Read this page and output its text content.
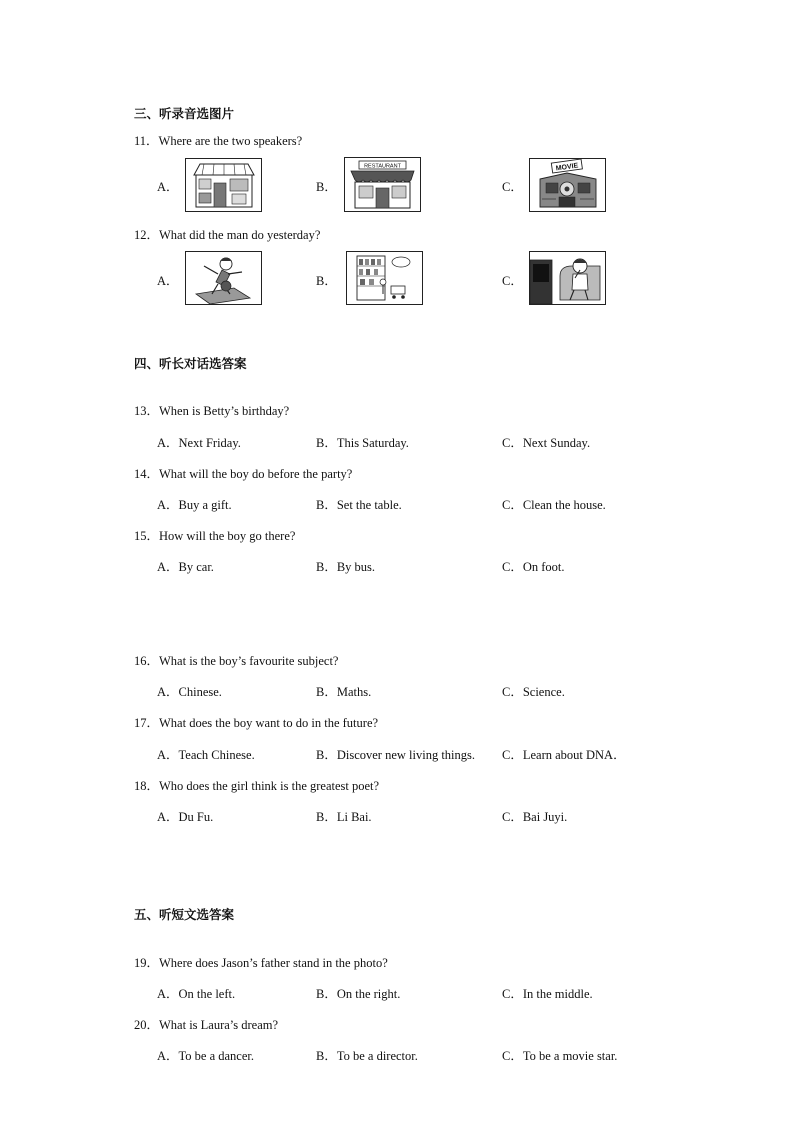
三、听录音选图片
11．Where are the two speakers?
A．	B．
RESTAURANT
C．
MOVIE
12．What did the man do yesterday?
A．	B．	C．
四、听长对话选答案
13．When is Betty’s birthday?
A．Next Friday.	B．This Saturday.	C．Next Sunday.
14．What will the boy do before the party?
A．Buy a gift.	B．Set the table.	C．Clean the house.
15．How will the boy go there?
A．By car.	B．By bus.	C．On foot.
16．What is the boy’s favourite subject?
A．Chinese.	B．Maths.	C．Science.
17．What does the boy want to do in the future?
A．Teach Chinese.	B．Discover new living things. C．Learn about DNA．
18．Who does the girl think is the greatest poet?
A．Du Fu.	B．Li Bai.	C．Bai Juyi.
五、听短文选答案
19．Where does Jason’s father stand in the photo?
A．On the left.	B．On the right.	C．In the middle.
20．What is Laura’s dream?
A．To be a dancer.	B．To be a director.	C．To be a movie star.
